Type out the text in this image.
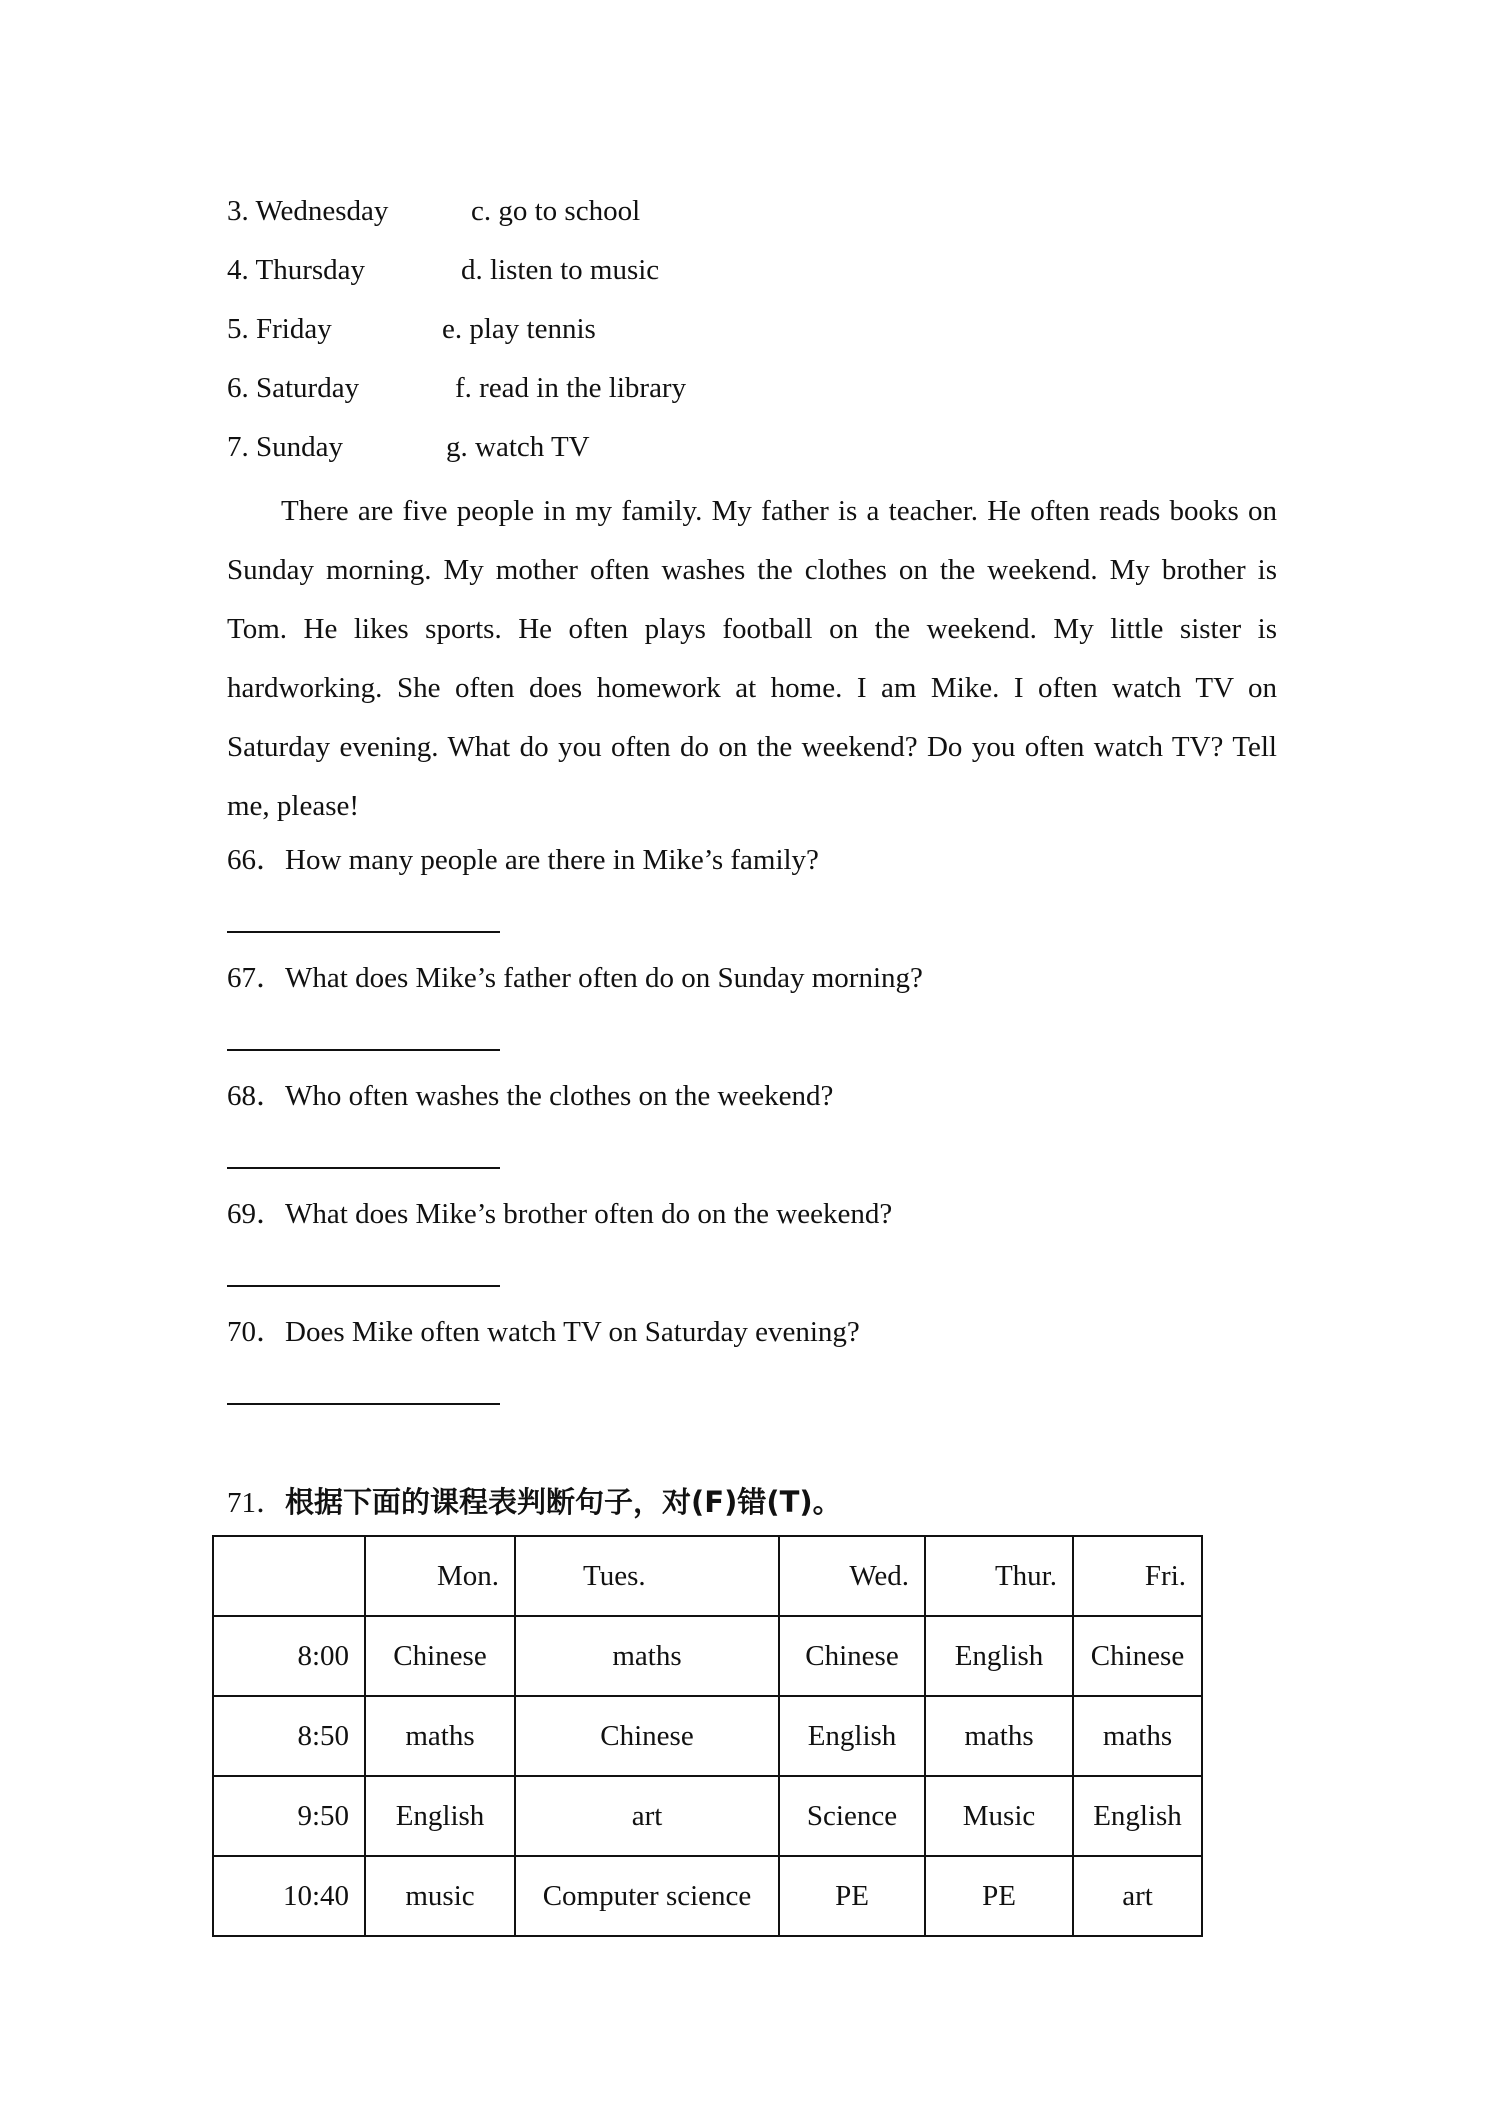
3. Wednesday	c. go to school
4. Thursday	d. listen to music
5. Friday	e. play tennis
6. Saturday	f. read in the library
7. Sunday	g. watch TV

There are five people in my family. My father is a teacher. He often reads books on Sunday morning. My mother often washes the clothes on the weekend. My brother is Tom. He likes sports. He often plays football on the weekend. My little sister is hardworking. She often does homework at home. I am Mike. I often watch TV on Saturday evening. What do you often do on the weekend? Do you often watch TV? Tell me, please!

66．How many people are there in Mike’s family?
67．What does Mike’s father often do on Sunday morning?
68．Who often washes the clothes on the weekend?
69．What does Mike’s brother often do on the weekend?
70．Does Mike often watch TV on Saturday evening?
71．根据下面的课程表判断句子，对(F)错(T)。
	Mon.	Tues.	Wed.	Thur.	Fri.
8:00	Chinese	maths	Chinese	English	Chinese
8:50	maths	Chinese	English	maths	maths
9:50	English	art	Science	Music	English
10:40	music	Computer science	PE	PE	art
